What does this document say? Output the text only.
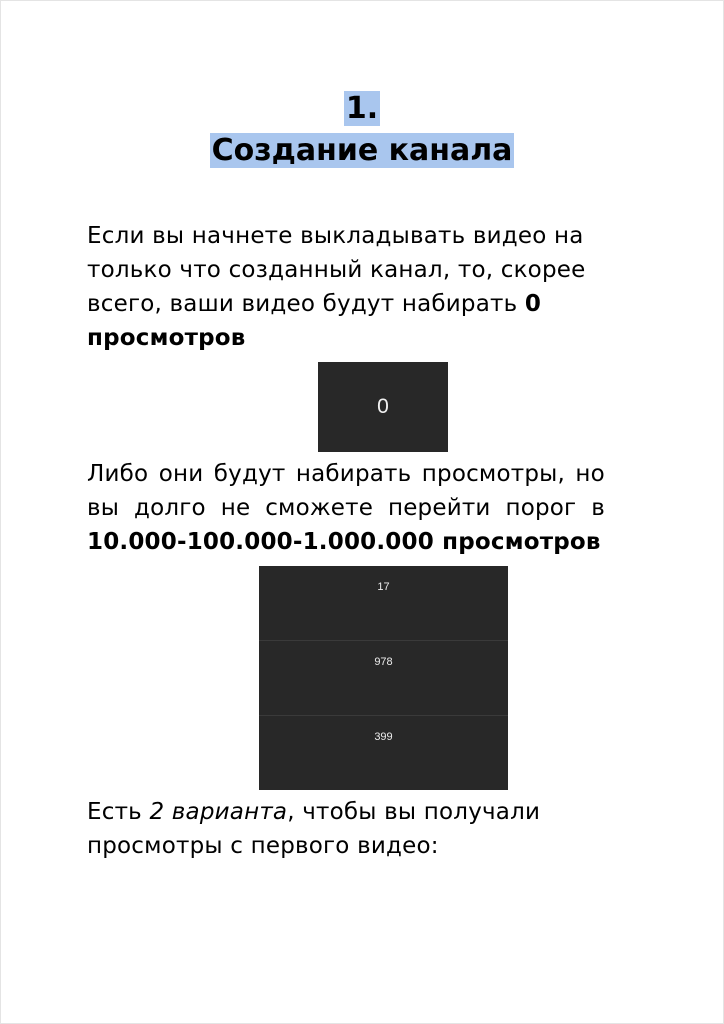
1.
Создание канала
Если вы начнете выкладывать видео на
только что созданный канал, то, скорее
всего, ваши видео будут набирать 0
просмотров
0
Либо они будут набирать просмотры, но
вы долго не сможете перейти порог в
10.000-100.000-1.000.000 просмотров
17
978
399
Есть 2 варианта, чтобы вы получали
просмотры с первого видео:
